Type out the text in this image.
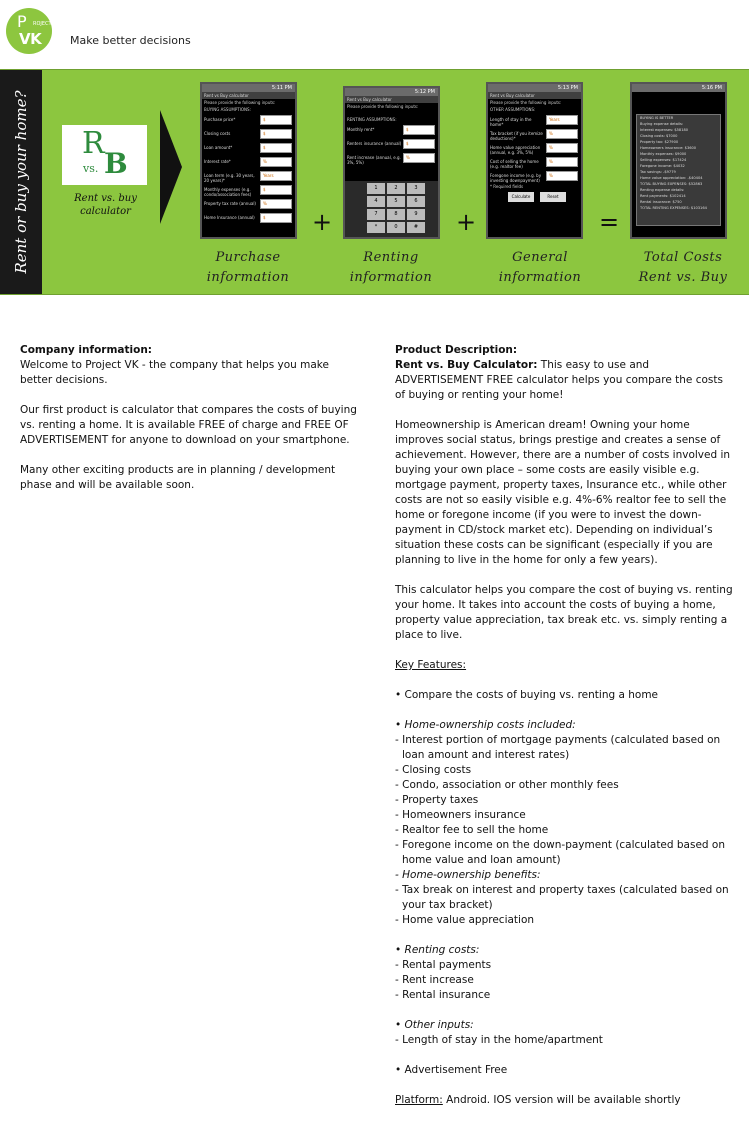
P ROJECT
VK	Make better decisions
Rent or buy your home? R
vs. B
Rent vs. buy
calculator
5:11 PM
Rent vs Buy calculator
Please provide the following inputs:
BUYING ASSUMPTIONS:
Purchase price*	$
Closing costs	$
Loan amount*	$
Interest rate*	%
Loan term (e.g. 30 years, 20 years)*
Years
Monthly expenses (e.g. condo/association fees)
$
Property tax rate (annual)	%
Home Insurance (annual)	$
5:12 PM
Rent vs Buy calculator
Please provide the following inputs:
RENTING ASSUMPTIONS:
Monthly rent*	$
Renters insurance (annual)	$
Rent increase (annual, e.g. 3%, 5%)
%
1	2	3
4	5	6
7	8	9
*	0	#
5:13 PM
Rent vs Buy calculator
Please provide the following inputs:
OTHER ASSUMPTIONS:
Length of stay in the home*
Years
Tax bracket (if you itemize deductions)*
%
Home value appreciation (annual, e.g. 3%, 5%)
%
Cost of selling the home (e.g. realtor fee)
%
Foregone income (e.g. by investing downpayment)
%
* Required fields
Calculate	Reset
5:16 PM
BUYING IS BETTER
Buying expense details:
Interest expenses: $58180
Closing costs: $7000
Property tax: $27900
Homeowners insurance: $3600
Monthly expenses: $9000
Selling expenses: $17424
Foregone income: $4032
Tax savings: -$9779
Home value appreciation: -$40404
TOTAL BUYING EXPENSES: $52863
Renting expense details:
Rent payments: $102414
Rental insurance: $750
TOTAL RENTING EXPENSES: $103164
+	+	=
Purchase
information
Renting
information
General
information
Total Costs
Rent vs. Buy
Company information:
Welcome to Project VK - the company that helps you make better decisions.
Our first product is calculator that compares the costs of buying vs. renting a home. It is available FREE of charge and FREE OF ADVERTISEMENT for anyone to download on your smartphone.
Many other exciting products are in planning / development phase and will be available soon.
Product Description:
Rent vs. Buy Calculator: This easy to use and ADVERTISEMENT FREE calculator helps you compare the costs of buying or renting your home!
Homeownership is American dream! Owning your home improves social status, brings prestige and creates a sense of achievement. However, there are a number of costs involved in buying your own place – some costs are easily visible e.g. mortgage payment, property taxes, Insurance etc., while other costs are not so easily visible e.g. 4%-6% realtor fee to sell the home or foregone income (if you were to invest the down-payment in CD/stock market etc). Depending on individual’s situation these costs can be significant (especially if you are planning to live in the home for only a few years).
This calculator helps you compare the cost of buying vs. renting your home. It takes into account the costs of buying a home, property value appreciation, tax break etc. vs. simply renting a place to live.
Key Features:
• Compare the costs of buying vs. renting a home
• Home-ownership costs included:
- Interest portion of mortgage payments (calculated based on loan amount and interest rates)
- Closing costs
- Condo, association or other monthly fees
- Property taxes
- Homeowners insurance
- Realtor fee to sell the home
- Foregone income on the down-payment (calculated based on home value and loan amount)
- Home-ownership benefits:
- Tax break on interest and property taxes (calculated based on your tax bracket)
- Home value appreciation
• Renting costs:
- Rental payments
- Rent increase
- Rental insurance
• Other inputs:
- Length of stay in the home/apartment
• Advertisement Free
Platform: Android. IOS version will be available shortly
